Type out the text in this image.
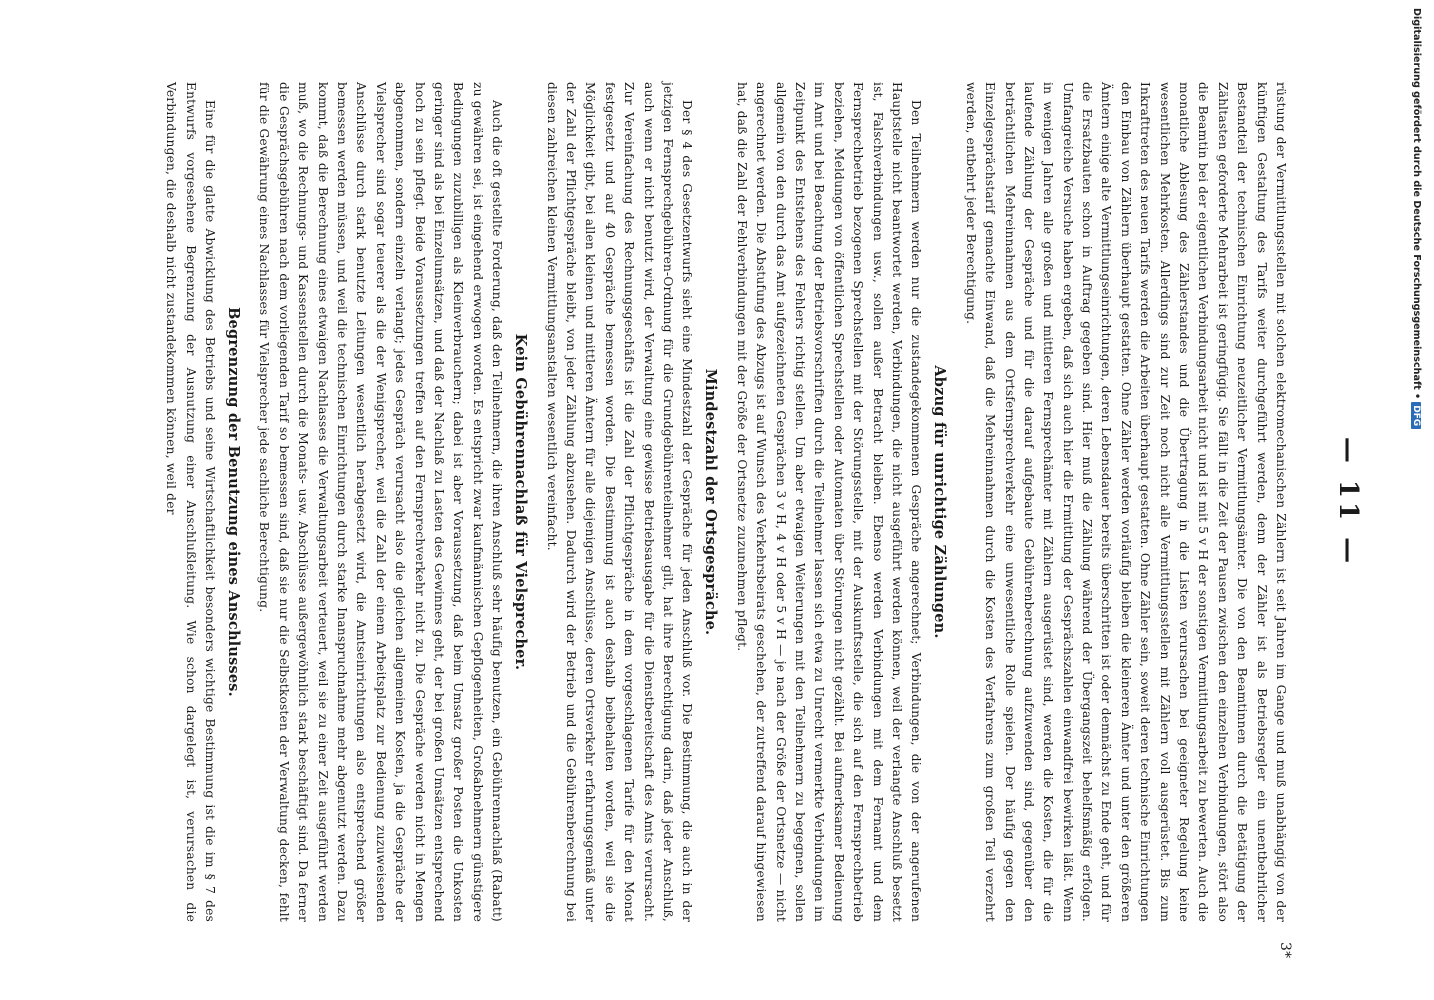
— 11 —
3*

rüstung der Vermittlungsstellen mit solchen elektromechanischen Zählern ist seit Jahren im Gange und muß unabhängig von der künftigen Gestaltung des Tarifs weiter durchgeführt werden, denn der Zähler ist als Betriebsregler ein unentbehrlicher Bestandteil der technischen Einrichtung neuzeitlicher Vermittlungsämter. Die von den Beamtinnen durch die Betätigung der Zähltasten geforderte Mehrarbeit ist geringfügig. Sie fällt in die Zeit der Pausen zwischen den einzelnen Verbindungen, stört also die Beamtin bei der eigentlichen Verbindungsarbeit nicht und ist mit 5 v H der sonstigen Vermittlungsarbeit zu bewerten. Auch die monatliche Ablesung des Zählerstandes und die Übertragung in die Listen verursachen bei geeigneter Regelung keine wesentlichen Mehrkosten. Allerdings sind zur Zeit noch nicht alle Vermittlungsstellen mit Zählern voll ausgerüstet. Bis zum Inkrafttreten des neuen Tarifs werden die Arbeiten überhaupt gestatten. Ohne Zähler sein, soweit deren technische Einrichtungen den Einbau von Zählern überhaupt gestatten. Ohne Zähler werden vorläufig bleiben die kleineren Ämter und unter den größeren Ämtern einige alte Vermittlungseinrichtungen, deren Lebensdauer bereits überschritten ist oder demnächst zu Ende geht, und für die Ersatzbauten schon in Auftrag gegeben sind. Hier muß die Zählung während der Übergangszeit behelfsmäßig erfolgen. Umfangreiche Versuche haben ergeben, daß sich auch hier die Ermittlung der Gesprächszahlen einwandfrei bewirken läßt. Wenn in wenigen Jahren alle großen und mittleren Fernsprechämter mit Zählern ausgerüstet sind, werden die Kosten, die für die laufende Zählung der Gespräche und für die darauf aufgebaute Gebührenberechnung aufzuwenden sind, gegenüber den beträchtlichen Mehreinnahmen aus dem Ortsfernsprechverkehr eine unwesentliche Rolle spielen. Der häufig gegen den Einzelgesprächstarif gemachte Einwand, daß die Mehreinnahmen durch die Kosten des Verfahrens zum großen Teil verzehrt werden, entbehrt jeder Berechtigung.

Abzug für unrichtige Zählungen.

Den Teilnehmern werden nur die zustandegekommenen Gespräche angerechnet; Verbindungen, die von der angerufenen Hauptstelle nicht beantwortet werden, Verbindungen, die nicht ausgeführt werden können, weil der verlangte Anschluß besetzt ist, Falschverbindungen usw., sollen außer Betracht bleiben. Ebenso werden Verbindungen mit dem Fernamt und dem Fernsprechbetrieb bezogenen Sprechstellen mit der Störungsstelle, mit der Auskunftsstelle, die sich auf den Fernsprechbetrieb beziehen, Meldungen von öffentlichen Sprechstellen oder Automaten über Störungen nicht gezählt. Bei aufmerksamer Bedienung im Amt und bei Beachtung der Betriebsvorschriften durch die Teilnehmer lassen sich etwa zu Unrecht vermerkte Verbindungen im Zeitpunkt des Entstehens des Fehlers richtig stellen. Um aber etwaigen Weiterungen mit den Teilnehmern zu begegnen, sollen allgemein von den durch das Amt aufgezeichneten Gesprächen 3 v H, 4 v H oder 5 v H — je nach der Größe der Ortsnetze — nicht angerechnet werden. Die Abstufung des Abzugs ist auf Wunsch des Verkehrsbeirats geschehen, der zutreffend darauf hingewiesen hat, daß die Zahl der Fehlverbindungen mit der Größe der Ortsnetze zuzunehmen pflegt.

Mindestzahl der Ortsgespräche.

Der § 4 des Gesetzentwurfs sieht eine Mindestzahl der Gespräche für jeden Anschluß vor. Die Bestimmung, die auch in der jetzigen Fernsprechgebühren-Ordnung für die Grundgebührenteilnehmer gilt, hat ihre Berechtigung darin, daß jeder Anschluß, auch wenn er nicht benutzt wird, der Verwaltung eine gewisse Betriebsausgabe für die Dienstbereitschaft des Amts verursacht. Zur Vereinfachung des Rechnungsgeschäfts ist die Zahl der Pflichtgespräche in dem vorgeschlagenen Tarife für den Monat festgesetzt und auf 40 Gespräche bemessen worden. Die Bestimmung ist auch deshalb beibehalten worden, weil sie die Möglichkeit gibt, bei allen kleinen und mittleren Ämtern für alle diejenigen Anschlüsse, deren Ortsverkehr erfahrungsgemäß unter der Zahl der Pflichtgespräche bleibt, von jeder Zählung abzusehen. Dadurch wird der Betrieb und die Gebührenberechnung bei diesen zahlreichen kleinen Vermittlungsanstalten wesentlich vereinfacht.

Kein Gebührennachlaß für Vielsprecher.

Auch die oft gestellte Forderung, daß den Teilnehmern, die ihren Anschluß sehr häufig benutzen, ein Gebührennachlaß (Rabatt) zu gewähren sei, ist eingehend erwogen worden. Es entspricht zwar kaufmännischen Gepflogenheiten, Großabnehmern günstigere Bedingungen zuzubilligen als Kleinverbrauchern; dabei ist aber Voraussetzung, daß beim Umsatz großer Posten die Unkosten geringer sind als bei Einzelumsätzen, und daß der Nachlaß zu Lasten des Gewinnes geht, der bei großen Umsätzen entsprechend hoch zu sein pflegt. Beide Voraussetzungen treffen auf den Fernsprechverkehr nicht zu. Die Gespräche werden nicht in Mengen abgenommen, sondern einzeln verlangt; jedes Gespräch verursacht also die gleichen allgemeinen Kosten, ja die Gespräche der Vielsprecher sind sogar teuerer als die der Wenigsprecher, weil die Zahl der einem Arbeitsplatz zur Bedienung zuzuweisenden Anschlüsse durch stark benutzte Leitungen wesentlich herabgesetzt wird, die Amtseinrichtungen also entsprechend größer bemessen werden müssen, und weil die technischen Einrichtungen durch starke Inanspruchnahme mehr abgenutzt werden. Dazu kommt, daß die Berechnung eines etwaigen Nachlasses die Verwaltungsarbeit verteuert, weil sie zu einer Zeit ausgeführt werden muß, wo die Rechnungs- und Kassenstellen durch die Monats- usw. Abschlüsse außergewöhnlich stark beschäftigt sind. Da ferner die Gesprächsgebühren nach dem vorliegenden Tarif so bemessen sind, daß sie nur die Selbstkosten der Verwaltung decken, fehlt für die Gewährung eines Nachlasses für Vielsprecher jede sachliche Berechtigung.

Begrenzung der Benutzung eines Anschlusses.

Eine für die glatte Abwicklung des Betriebs und seine Wirtschaftlichkeit besonders wichtige Bestimmung ist die im § 7 des Entwurfs vorgesehene Begrenzung der Ausnutzung einer Anschlußleitung. Wie schon dargelegt ist, verursachen die Verbindungen, die deshalb nicht zustandekommen können, weil der	Digitalisierung gefördert durch die Deutsche Forschungsgemeinschaft •DFG
